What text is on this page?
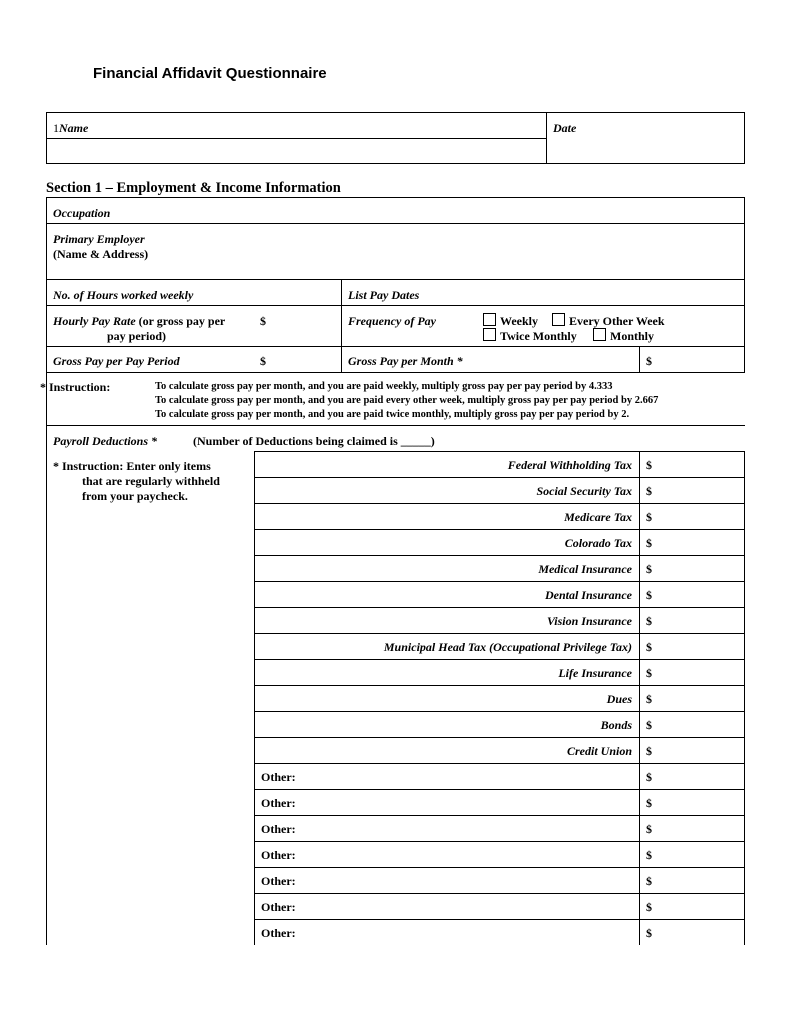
Financial Affidavit Questionnaire
1Name	Date
Section 1 – Employment & Income Information
Occupation
Primary Employer
(Name & Address)
No. of Hours worked weekly	List Pay Dates
Hourly Pay Rate (or gross pay per
pay period)
$	Frequency of Pay	Weekly	Every Other Week
Twice Monthly	Monthly
Gross Pay per Pay Period	$	Gross Pay per Month *	$
* Instruction:	To calculate gross pay per month, and you are paid weekly, multiply gross pay per pay period by 4.333
To calculate gross pay per month, and you are paid every other week, multiply gross pay per pay period by 2.667
To calculate gross pay per month, and you are paid twice monthly, multiply gross pay per pay period by 2.
Payroll Deductions *	(Number of Deductions being claimed is _____)
* Instruction: Enter only items
that are regularly withheld
from your paycheck.
Federal Withholding Tax $
Social Security Tax $
Medicare Tax $
Colorado Tax $
Medical Insurance $
Dental Insurance $
Vision Insurance $
Municipal Head Tax (Occupational Privilege Tax) $
Life Insurance $
Dues $
Bonds $
Credit Union $
Other:	$
Other:	$
Other:	$
Other:	$
Other:	$
Other:	$
Other:	$
